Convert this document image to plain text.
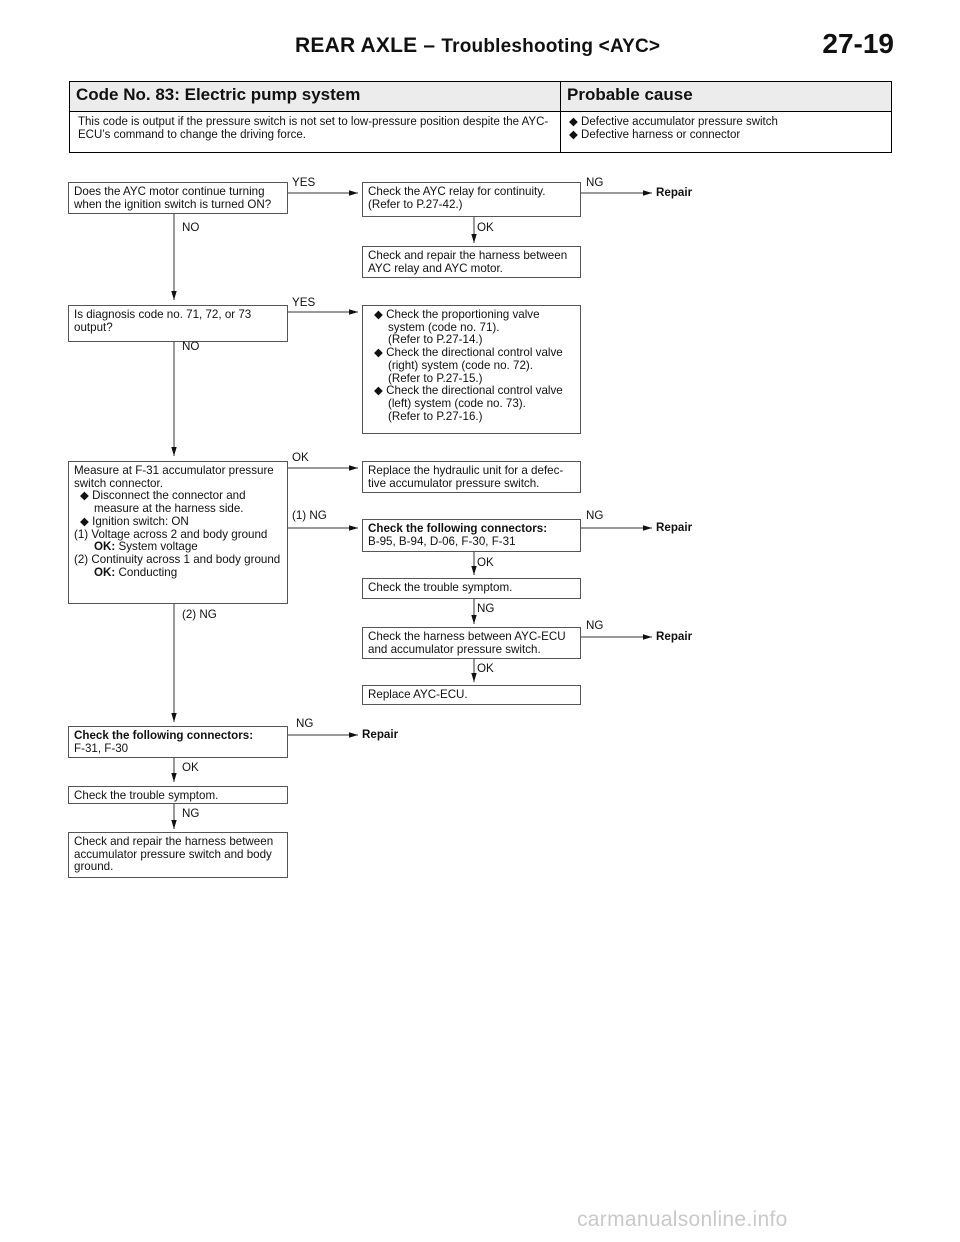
REAR AXLE – Troubleshooting <AYC>	27-19
Code No. 83: Electric pump system	Probable cause
This code is output if the pressure switch is not set to low-pressure position despite the AYC-ECU’s command to change the driving force.	◆ Defective accumulator pressure switch
◆ Defective harness or connector
Does the AYC motor continue turning
when the ignition switch is turned ON?
Is diagnosis code no. 71, 72, or 73
output?
Measure at F-31 accumulator pressure switch connector.
◆ Disconnect the connector and measure at the harness side.
◆ Ignition switch: ON
(1) Voltage across 2 and body ground
OK: System voltage
(2) Continuity across 1 and body ground
OK: Conducting
Check the following connectors:
F-31, F-30
Check the trouble symptom.
Check and repair the harness between
accumulator pressure switch and body
ground.
Check the AYC relay for continuity.
(Refer to P.27-42.)
Check and repair the harness between
AYC relay and AYC motor.
◆ Check the proportioning valve system (code no. 71).
(Refer to P.27-14.)
◆ Check the directional control valve (right) system (code no. 72).
(Refer to P.27-15.)
◆ Check the directional control valve (left) system (code no. 73).
(Refer to P.27-16.)
Replace the hydraulic unit for a defec-
tive accumulator pressure switch.
Check the following connectors:
B-95, B-94, D-06, F-30, F-31
Check the trouble symptom.
Check the harness between AYC-ECU
and accumulator pressure switch.
Replace AYC-ECU.
YES
NO
NG
OK
YES
NO
OK
(1) NG
(2) NG
NG
OK
NG
NG
OK
NG
OK
NG
Repair
Repair
Repair
Repair
carmanualsonline.info
